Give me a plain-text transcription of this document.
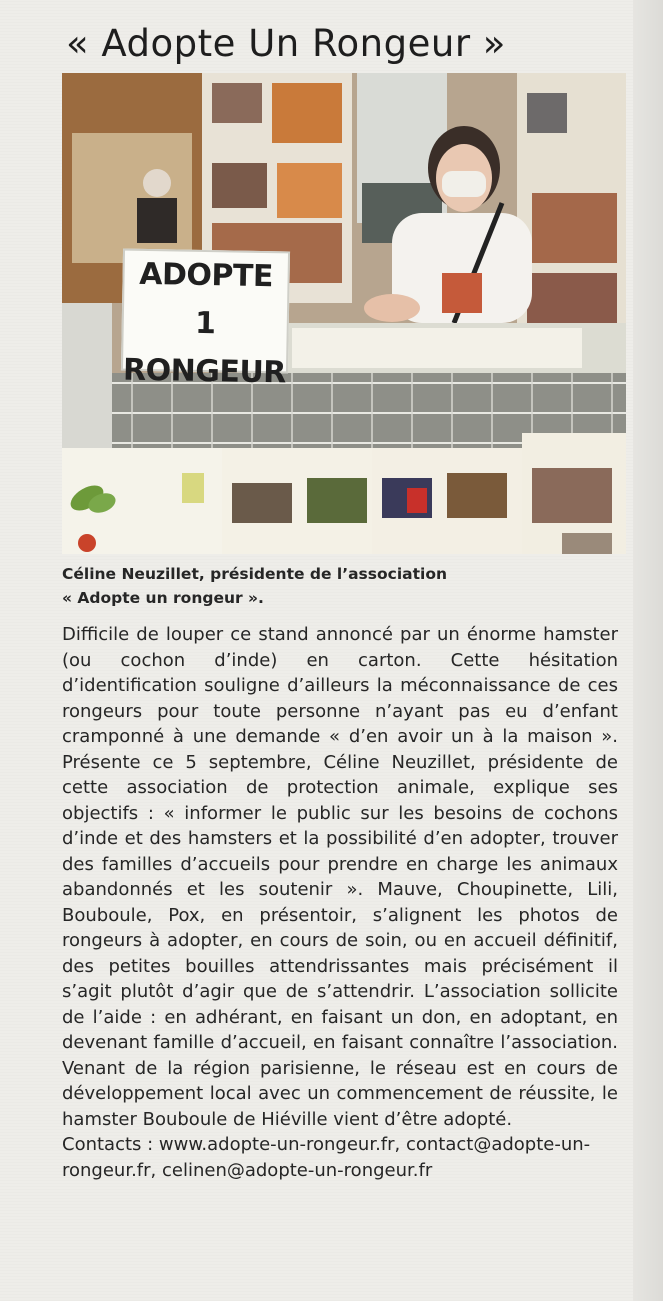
« Adopte Un Rongeur »
ADOPTE 1
RONGEUR
Céline Neuzillet, présidente de l’association
« Adopte un rongeur ».

Difficile de louper ce stand annoncé par un énorme hamster (ou cochon d’inde) en carton. Cette hésitation d’identification souligne d’ailleurs la méconnaissance de ces rongeurs pour toute personne n’ayant pas eu d’enfant cramponné à une demande « d’en avoir un à la maison ». Présente ce 5 septembre, Céline Neuzillet, présidente de cette association de protection animale, explique ses objectifs : « informer le public sur les besoins de cochons d’inde et des hamsters et la possibilité d’en adopter, trouver des familles d’accueils pour prendre en charge les animaux abandonnés et les soutenir ». Mauve, Choupinette, Lili, Bouboule, Pox, en présentoir, s’alignent les photos de rongeurs à adopter, en cours de soin, ou en accueil définitif, des petites bouilles attendrissantes mais précisément il s’agit plutôt d’agir que de s’attendrir. L’association sollicite de l’aide : en adhérant, en faisant un don, en adoptant, en devenant famille d’accueil, en faisant connaître l’association. Venant de la région parisienne, le réseau est en cours de développement local avec un commencement de réussite, le hamster Bouboule de Hiéville vient d’être adopté.

Contacts : www.adopte-un-rongeur.fr, contact@adopte-un-rongeur.fr, celinen@adopte-un-rongeur.fr
